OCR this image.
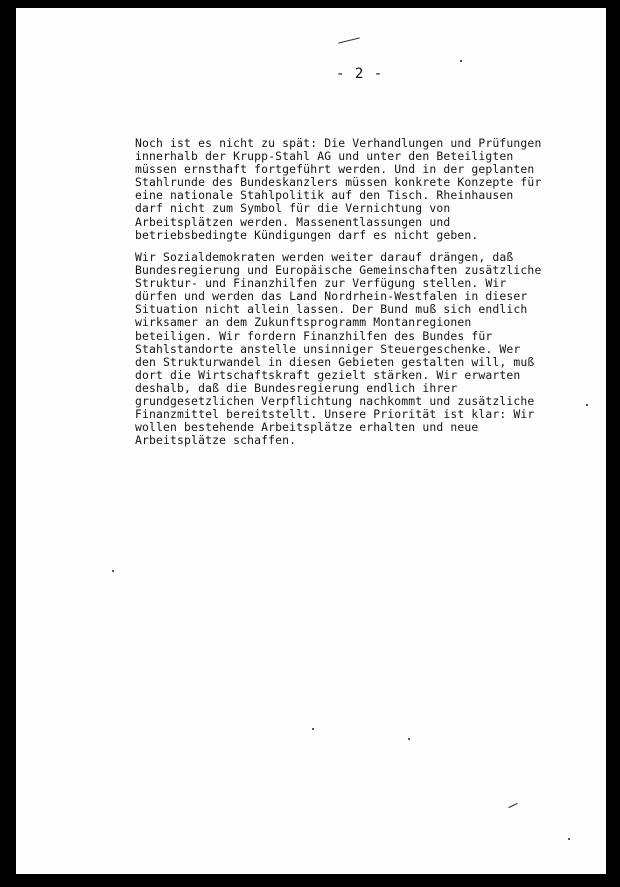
- 2 -
Noch ist es nicht zu spät: Die Verhandlungen und Prüfungen
innerhalb der Krupp-Stahl AG und unter den Beteiligten
müssen ernsthaft fortgeführt werden. Und in der geplanten
Stahlrunde des Bundeskanzlers müssen konkrete Konzepte für
eine nationale Stahlpolitik auf den Tisch. Rheinhausen
darf nicht zum Symbol für die Vernichtung von
Arbeitsplätzen werden. Massenentlassungen und
betriebsbedingte Kündigungen darf es nicht geben.
Wir Sozialdemokraten werden weiter darauf drängen, daß
Bundesregierung und Europäische Gemeinschaften zusätzliche
Struktur- und Finanzhilfen zur Verfügung stellen. Wir
dürfen und werden das Land Nordrhein-Westfalen in dieser
Situation nicht allein lassen. Der Bund muß sich endlich
wirksamer an dem Zukunftsprogramm Montanregionen
beteiligen. Wir fordern Finanzhilfen des Bundes für
Stahlstandorte anstelle unsinniger Steuergeschenke. Wer
den Strukturwandel in diesen Gebieten gestalten will, muß
dort die Wirtschaftskraft gezielt stärken. Wir erwarten
deshalb, daß die Bundesregierung endlich ihrer
grundgesetzlichen Verpflichtung nachkommt und zusätzliche
Finanzmittel bereitstellt. Unsere Priorität ist klar: Wir
wollen bestehende Arbeitsplätze erhalten und neue
Arbeitsplätze schaffen.
